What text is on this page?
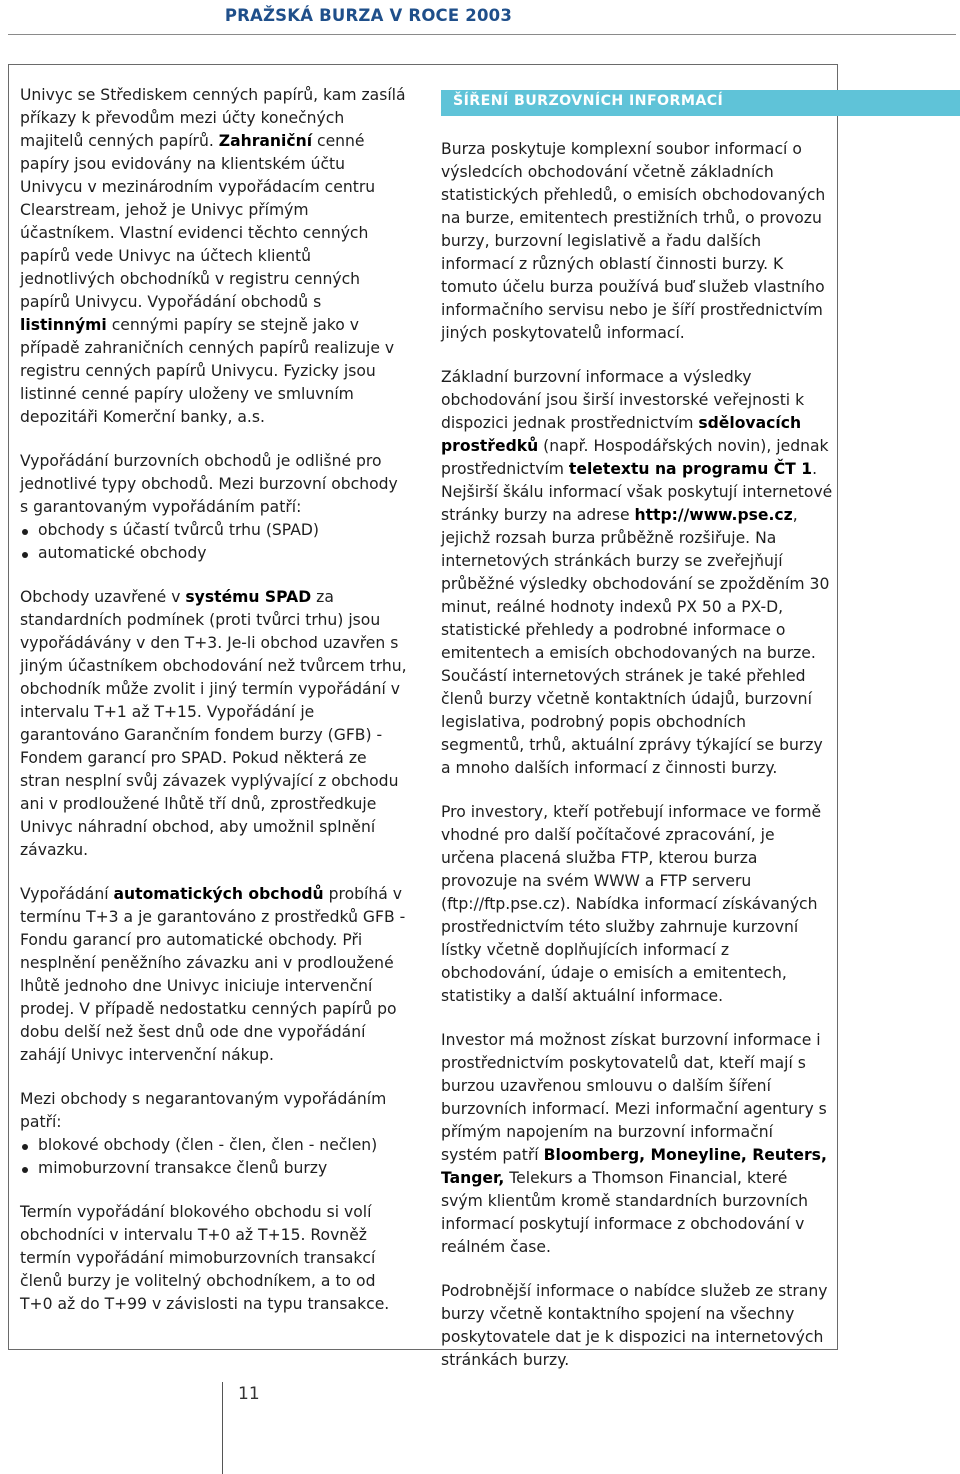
PRAŽSKÁ BURZA V ROCE 2003

Univyc se Střediskem cenných papírů, kam zasílá příkazy k převodům mezi účty konečných majitelů cenných papírů. Zahraniční cenné papíry jsou evidovány na klientském účtu Univycu v mezinárodním vypořádacím centru Clearstream, jehož je Univyc přímým účastníkem. Vlastní evidenci těchto cenných papírů vede Univyc na účtech klientů jednotlivých obchodníků v registru cenných papírů Univycu. Vypořádání obchodů s listinnými cennými papíry se stejně jako v případě zahraničních cenných papírů realizuje v registru cenných papírů Univycu. Fyzicky jsou listinné cenné papíry uloženy ve smluvním depozitáři Komerční banky, a.s.

Vypořádání burzovních obchodů je odlišné pro jednotlivé typy obchodů. Mezi burzovní obchody s garantovaným vypořádáním patří:

obchody s účastí tvůrců trhu (SPAD)
automatické obchody

Obchody uzavřené v systému SPAD za standardních podmínek (proti tvůrci trhu) jsou vypořádávány v den T+3. Je-li obchod uzavřen s jiným účastníkem obchodování než tvůrcem trhu, obchodník může zvolit i jiný termín vypořádání v intervalu T+1 až T+15. Vypořádání je garantováno Garančním fondem burzy (GFB) - Fondem garancí pro SPAD. Pokud některá ze stran nesplní svůj závazek vyplývající z obchodu ani v prodloužené lhůtě tří dnů, zprostředkuje Univyc náhradní obchod, aby umožnil splnění závazku.

Vypořádání automatických obchodů probíhá v termínu T+3 a je garantováno z prostředků GFB - Fondu garancí pro automatické obchody. Při nesplnění peněžního závazku ani v prodloužené lhůtě jednoho dne Univyc iniciuje intervenční prodej. V případě nedostatku cenných papírů po dobu delší než šest dnů ode dne vypořádání zahájí Univyc intervenční nákup.

Mezi obchody s negarantovaným vypořádáním patří:

blokové obchody (člen - člen, člen - nečlen)
mimoburzovní transakce členů burzy

Termín vypořádání blokového obchodu si volí obchodníci v intervalu T+0 až T+15. Rovněž termín vypořádání mimoburzovních transakcí členů burzy je volitelný obchodníkem, a to od T+0 až do T+99 v závislosti na typu transakce.

ŠÍŘENÍ BURZOVNÍCH INFORMACÍ

Burza poskytuje komplexní soubor informací o výsledcích obchodování včetně základních statistických přehledů, o emisích obchodovaných na burze, emitentech prestižních trhů, o provozu burzy, burzovní legislativě a řadu dalších informací z různých oblastí činnosti burzy. K tomuto účelu burza používá buď služeb vlastního informačního servisu nebo je šíří prostřednictvím jiných poskytovatelů informací.

Základní burzovní informace a výsledky obchodování jsou širší investorské veřejnosti k dispozici jednak prostřednictvím sdělovacích prostředků (např. Hospodářských novin), jednak prostřednictvím teletextu na programu ČT 1. Nejširší škálu informací však poskytují internetové stránky burzy na adrese http://www.pse.cz, jejichž rozsah burza průběžně rozšiřuje. Na internetových stránkách burzy se zveřejňují průběžné výsledky obchodování se zpožděním 30 minut, reálné hodnoty indexů PX 50 a PX-D, statistické přehledy a podrobné informace o emitentech a emisích obchodovaných na burze. Součástí internetových stránek je také přehled členů burzy včetně kontaktních údajů, burzovní legislativa, podrobný popis obchodních segmentů, trhů, aktuální zprávy týkající se burzy a mnoho dalších informací z činnosti burzy.

Pro investory, kteří potřebují informace ve formě vhodné pro další počítačové zpracování, je určena placená služba FTP, kterou burza provozuje na svém WWW a FTP serveru (ftp://ftp.pse.cz). Nabídka informací získávaných prostřednictvím této služby zahrnuje kurzovní lístky včetně doplňujících informací z obchodování, údaje o emisích a emitentech, statistiky a další aktuální informace.

Investor má možnost získat burzovní informace i prostřednictvím poskytovatelů dat, kteří mají s burzou uzavřenou smlouvu o dalším šíření burzovních informací. Mezi informační agentury s přímým napojením na burzovní informační systém patří Bloomberg, Moneyline, Reuters, Tanger, Telekurs a Thomson Financial, které svým klientům kromě standardních burzovních informací poskytují informace z obchodování v reálném čase.

Podrobnější informace o nabídce služeb ze strany burzy včetně kontaktního spojení na všechny poskytovatele dat je k dispozici na internetových stránkách burzy.

11
